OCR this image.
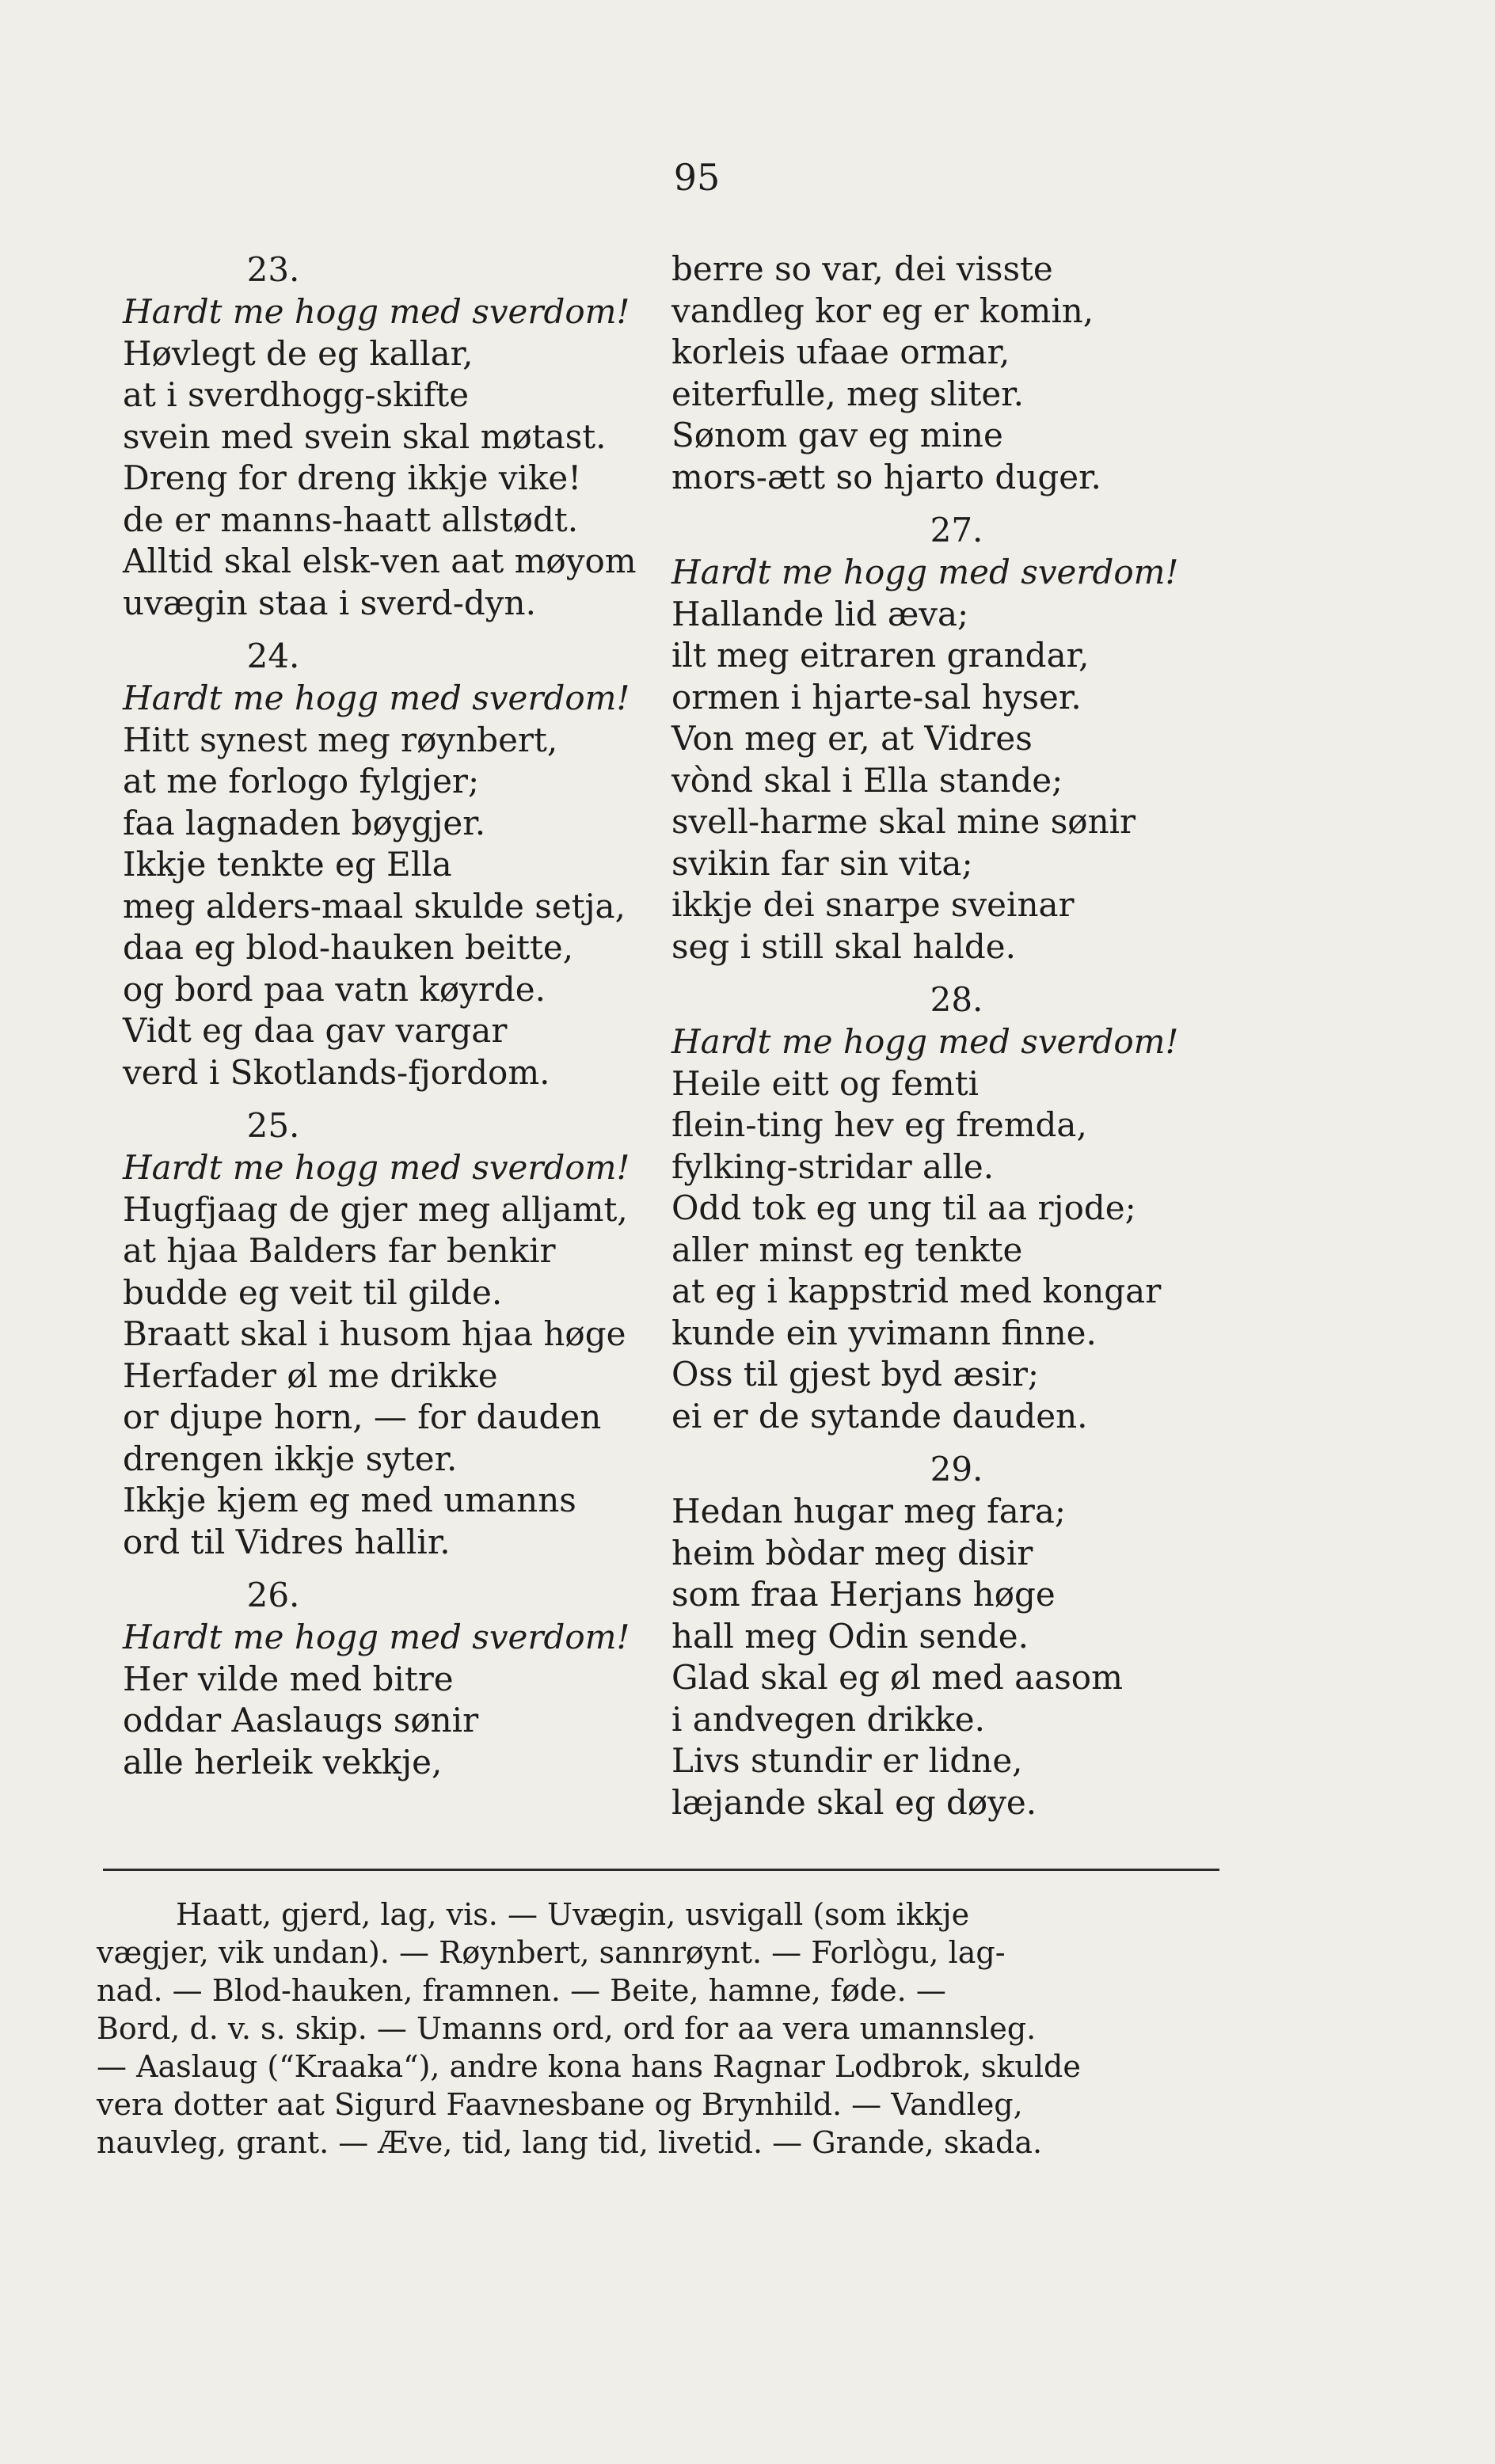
95
23.
Hardt me hogg med sverdom!
Høvlegt de eg kallar,
at i sverdhogg-skifte
svein med svein skal møtast.
Dreng for dreng ikkje vike!
de er manns-haatt allstødt.
Alltid skal elsk-ven aat møyom
uvægin staa i sverd-dyn.
24.
Hardt me hogg med sverdom!
Hitt synest meg røynbert,
at me forlogo fylgjer;
faa lagnaden bøygjer.
Ikkje tenkte eg Ella
meg alders-maal skulde setja,
daa eg blod-hauken beitte,
og bord paa vatn køyrde.
Vidt eg daa gav vargar
verd i Skotlands-fjordom.
25.
Hardt me hogg med sverdom!
Hugfjaag de gjer meg alljamt,
at hjaa Balders far benkir
budde eg veit til gilde.
Braatt skal i husom hjaa høge
Herfader øl me drikke
or djupe horn, — for dauden
drengen ikkje syter.
Ikkje kjem eg med umanns
ord til Vidres hallir.
26.
Hardt me hogg med sverdom!
Her vilde med bitre
oddar Aaslaugs sønir
alle herleik vekkje,
berre so var, dei visste
vandleg kor eg er komin,
korleis ufaae ormar,
eiterfulle, meg sliter.
Sønom gav eg mine
mors-ætt so hjarto duger.
27.
Hardt me hogg med sverdom!
Hallande lid æva;
ilt meg eitraren grandar,
ormen i hjarte-sal hyser.
Von meg er, at Vidres
vònd skal i Ella stande;
svell-harme skal mine sønir
svikin far sin vita;
ikkje dei snarpe sveinar
seg i still skal halde.
28.
Hardt me hogg med sverdom!
Heile eitt og femti
flein-ting hev eg fremda,
fylking-stridar alle.
Odd tok eg ung til aa rjode;
aller minst eg tenkte
at eg i kappstrid med kongar
kunde ein yvimann finne.
Oss til gjest byd æsir;
ei er de sytande dauden.
29.
Hedan hugar meg fara;
heim bòdar meg disir
som fraa Herjans høge
hall meg Odin sende.
Glad skal eg øl med aasom
i andvegen drikke.
Livs stundir er lidne,
læjande skal eg døye.
Haatt, gjerd, lag, vis. — Uvægin, usvigall (som ikkje
vægjer, vik undan). — Røynbert, sannrøynt. — Forlògu, lag-
nad. — Blod-hauken, framnen. — Beite, hamne, føde. —
Bord, d. v. s. skip. — Umanns ord, ord for aa vera umannsleg.
— Aaslaug (“Kraaka“), andre kona hans Ragnar Lodbrok, skulde
vera dotter aat Sigurd Faavnesbane og Brynhild. — Vandleg,
nauvleg, grant. — Æve, tid, lang tid, livetid. — Grande, skada.
